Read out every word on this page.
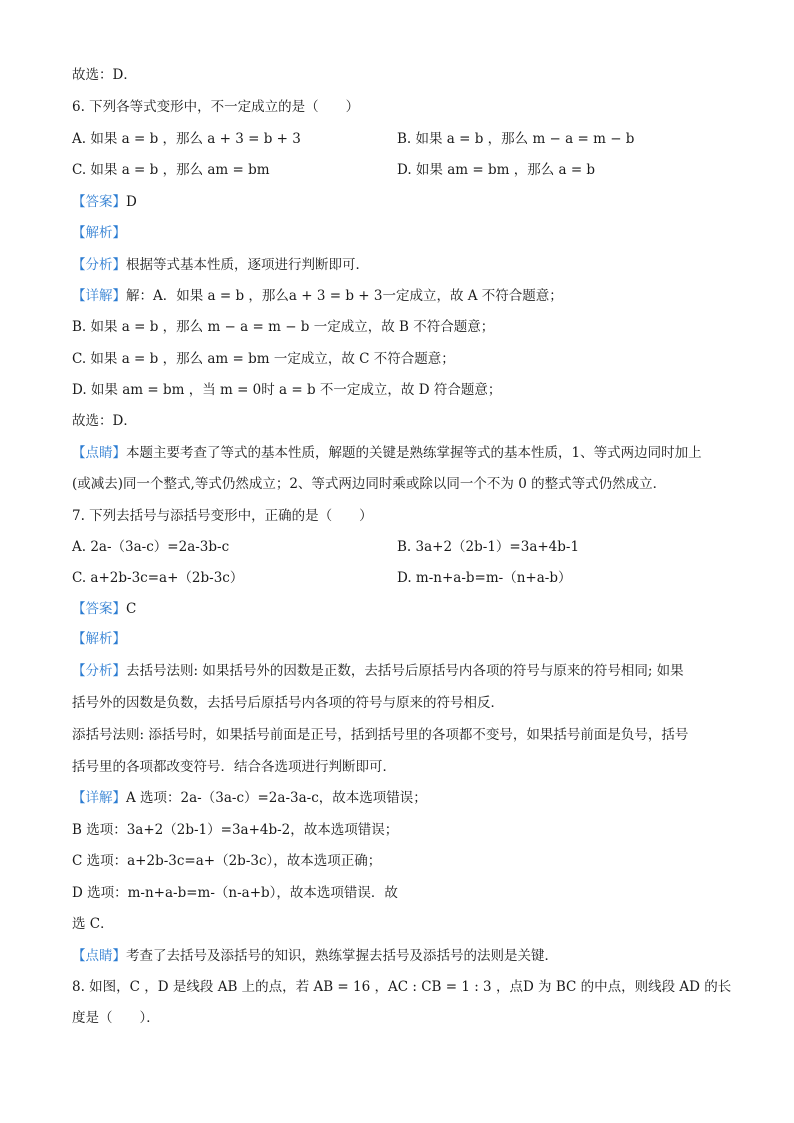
故选：D．
6. 下列各等式变形中，不一定成立的是（　　）
A. 如果 a = b ，那么 a + 3 = b + 3	B. 如果 a = b ，那么 m − a = m − b
C. 如果 a = b ，那么 am = bm	D. 如果 am = bm ，那么 a = b
【答案】D
【解析】
【分析】根据等式基本性质，逐项进行判断即可．
【详解】解：A．如果 a = b ，那么a + 3 = b + 3一定成立，故 A 不符合题意；
B. 如果 a = b ，那么 m − a = m − b 一定成立，故 B 不符合题意；
C. 如果 a = b ，那么 am = bm 一定成立，故 C 不符合题意；
D. 如果 am = bm ，当 m = 0时 a = b 不一定成立，故 D 符合题意；
故选：D．
【点睛】本题主要考查了等式的基本性质，解题的关键是熟练掌握等式的基本性质，1、等式两边同时加上
(或减去)同一个整式,等式仍然成立；2、等式两边同时乘或除以同一个不为 0 的整式等式仍然成立．
7. 下列去括号与添括号变形中，正确的是（　　）
A. 2a-（3a-c）=2a-3b-c	B. 3a+2（2b-1）=3a+4b-1
C. a+2b-3c=a+（2b-3c）	D. m-n+a-b=m-（n+a-b）
【答案】C
【解析】
【分析】去括号法则: 如果括号外的因数是正数，去括号后原括号内各项的符号与原来的符号相同; 如果
括号外的因数是负数，去括号后原括号内各项的符号与原来的符号相反．
添括号法则: 添括号时，如果括号前面是正号，括到括号里的各项都不变号，如果括号前面是负号，括号
括号里的各项都改变符号．结合各选项进行判断即可．
【详解】A 选项：2a-（3a-c）=2a-3a-c，故本选项错误；
B 选项：3a+2（2b-1）=3a+4b-2，故本选项错误；
C 选项：a+2b-3c=a+（2b-3c），故本选项正确；
D 选项：m-n+a-b=m-（n-a+b），故本选项错误．故
选 C．
【点睛】考查了去括号及添括号的知识，熟练掌握去括号及添括号的法则是关键．
8. 如图，C ，D 是线段 AB 上的点，若 AB = 16 ，AC : CB = 1 : 3 ，点D 为 BC 的中点，则线段 AD 的长
度是（　　）．
